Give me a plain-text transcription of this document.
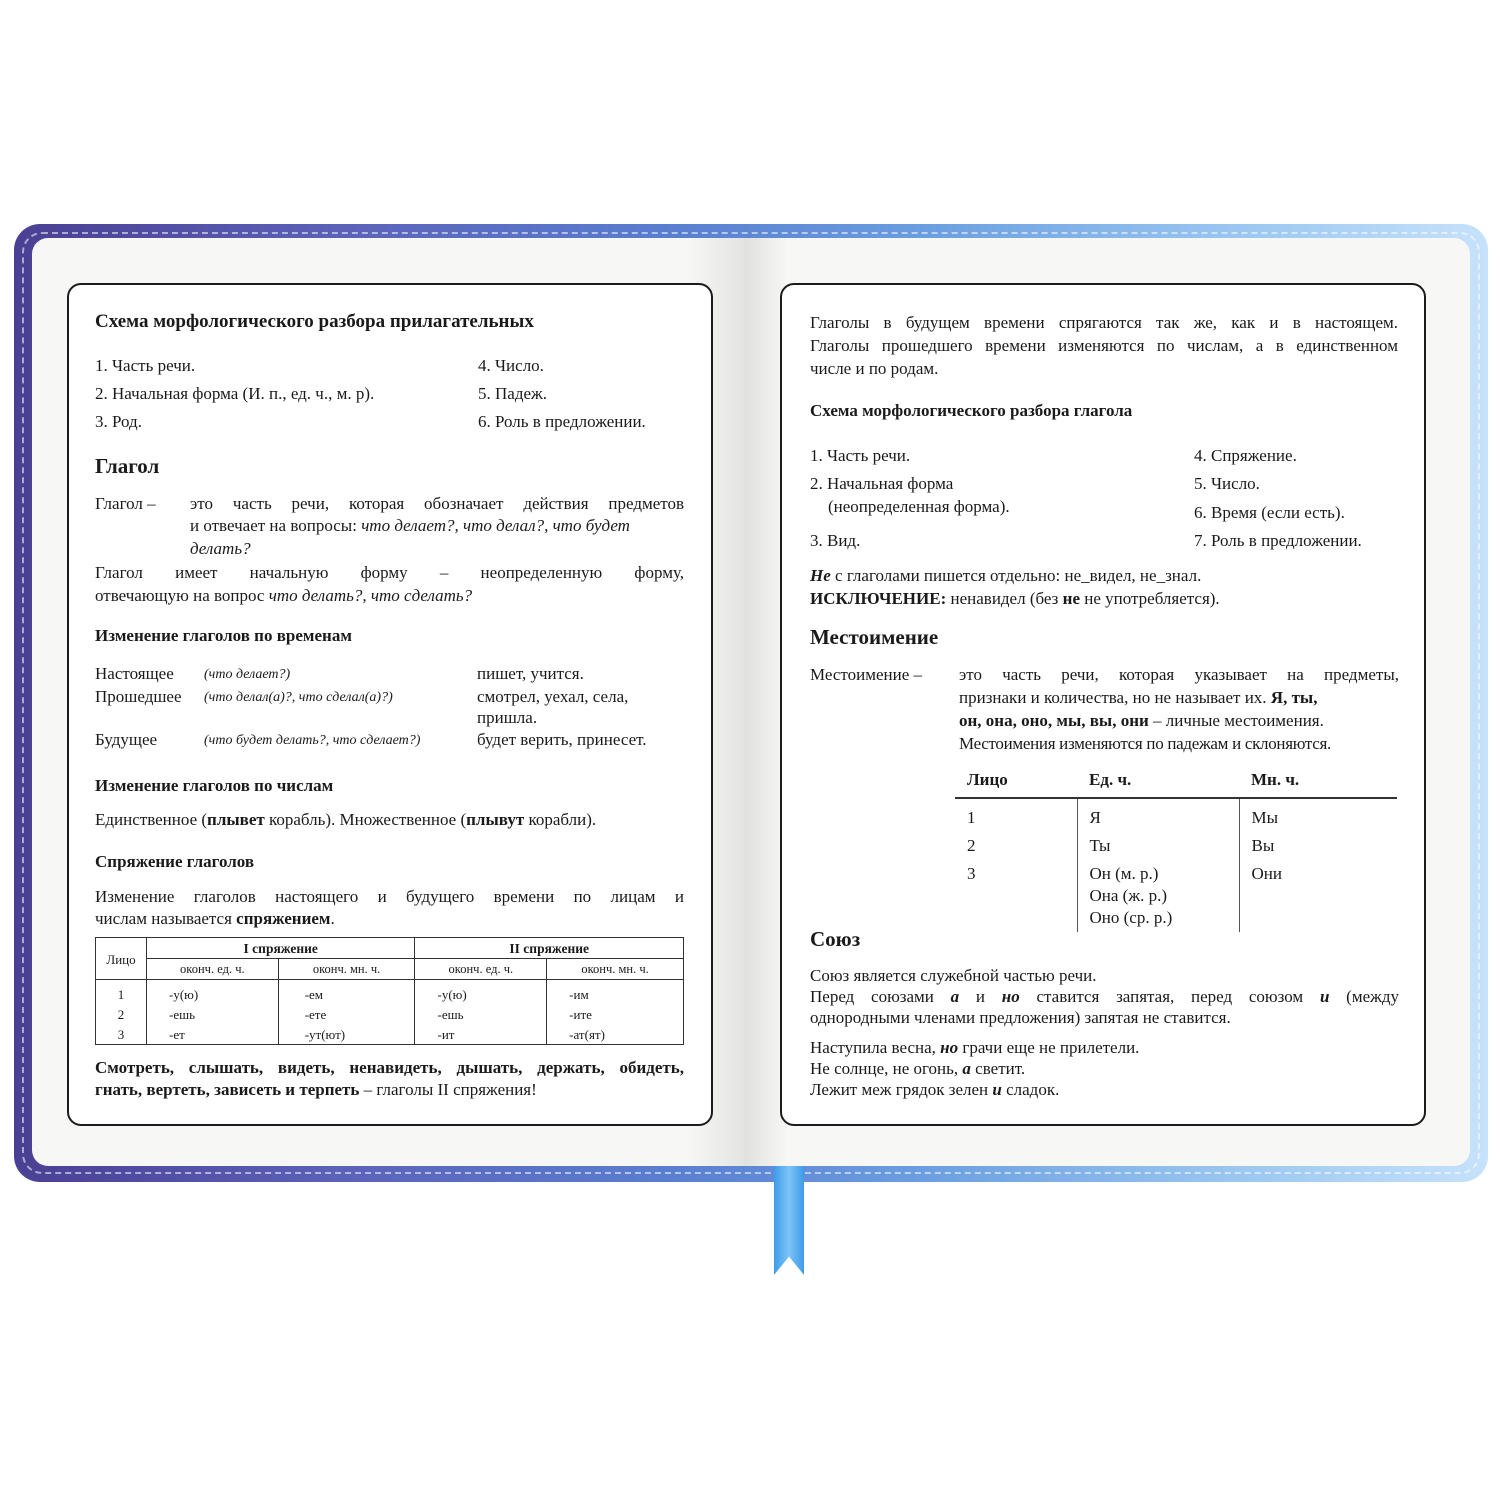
Схема морфологического разбора прилагательных
1. Часть речи.
2. Начальная форма (И. п., ед. ч., м. р).
3. Род.
4. Число.
5. Падеж.
6. Роль в предложении.
Глагол
Глагол – это часть речи, которая обозначает действия предметов
и отвечает на вопросы: что делает?, что делал?, что будет
делать?
Глагол имеет начальную форму – неопределенную форму,
отвечающую на вопрос что делать?, что сделать?
Изменение глаголов по временам
Настоящее (что делает?)	пишет, учится.
Прошедшее (что делал(а)?, что сделал(а)?)	смотрел, уехал, села,
пришла.
Будущее	(что будет делать?, что сделает?)	будет верить, принесет.
Изменение глаголов по числам
Единственное (плывет корабль). Множественное (плывут корабли).
Спряжение глаголов
Изменение глаголов настоящего и будущего времени по лицам и
числам называется спряжением.
Лицо	I спряжение		II спряжение	
	оконч. ед. ч.	оконч. мн. ч.	оконч. ед. ч.	оконч. мн. ч.
1	-у(ю)	-ем	-у(ю)	-им
2	-ешь	-ете	-ешь	-ите
3	-ет	-ут(ют)	-ит	-ат(ят)
Смотреть, слышать, видеть, ненавидеть, дышать, держать, обидеть,
гнать, вертеть, зависеть и терпеть – глаголы II спряжения!
Глаголы в будущем времени спрягаются так же, как и в настоящем.
Глаголы прошедшего времени изменяются по числам, а в единственном
числе и по родам.
Схема морфологического разбора глагола
1. Часть речи.
2. Начальная форма
(неопределенная форма).
3. Вид.
4. Спряжение.
5. Число.
6. Время (если есть).
7. Роль в предложении.
Не с глаголами пишется отдельно: не_видел, не_знал.
ИСКЛЮЧЕНИЕ: ненавидел (без не не употребляется).
Местоимение
Местоимение – это часть речи, которая указывает на предметы,
признаки и количества, но не называет их. Я, ты,
он, она, оно, мы, вы, они – личные местоимения.
Местоимения изменяются по падежам и склоняются.
Лицо	Ед. ч.	Мн. ч.
1	Я	Мы
2	Ты	Вы
3	Он (м. р.)
Она (ж. р.)
Оно (ср. р.)	Они
Союз
Союз является служебной частью речи.
Перед союзами а и но ставится запятая, перед союзом и (между
однородными членами предложения) запятая не ставится.
Наступила весна, но грачи еще не прилетели.
Не солнце, не огонь, а светит.
Лежит меж грядок зелен и сладок.
